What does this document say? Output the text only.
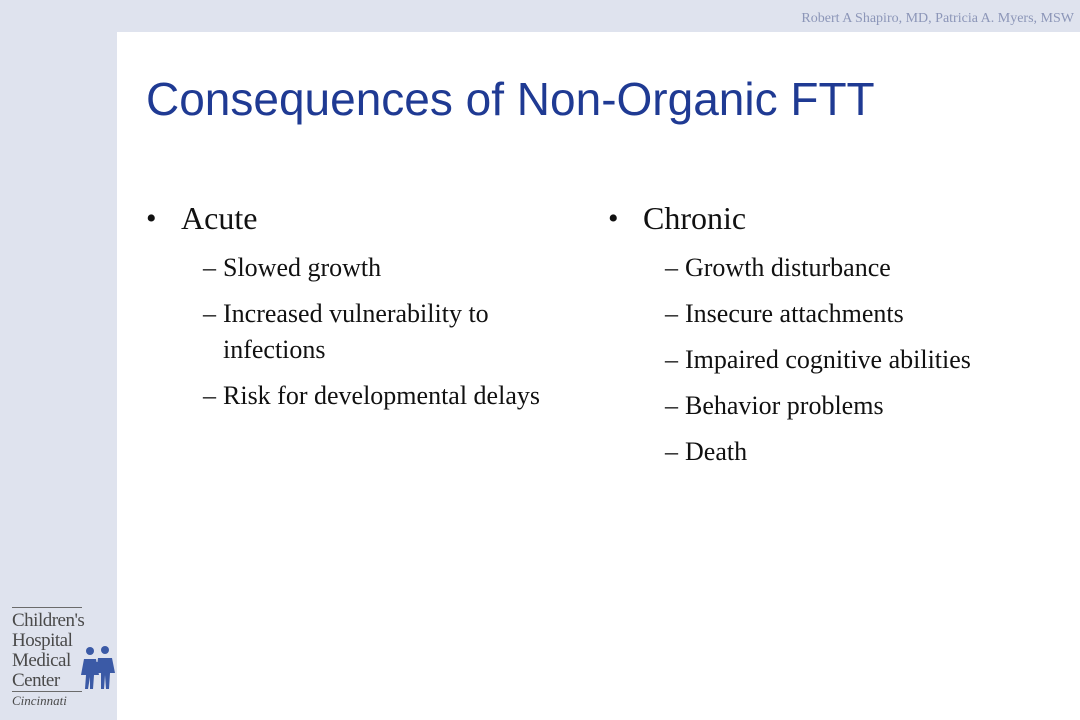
Robert A Shapiro, MD, Patricia A. Myers, MSW
Consequences of Non-Organic FTT
• Acute
– Slowed growth
– Increased vulnerability to infections
– Risk for developmental delays
• Chronic
– Growth disturbance
– Insecure attachments
– Impaired cognitive abilities
– Behavior problems
– Death
Children's
Hospital
Medical
Center
Cincinnati
